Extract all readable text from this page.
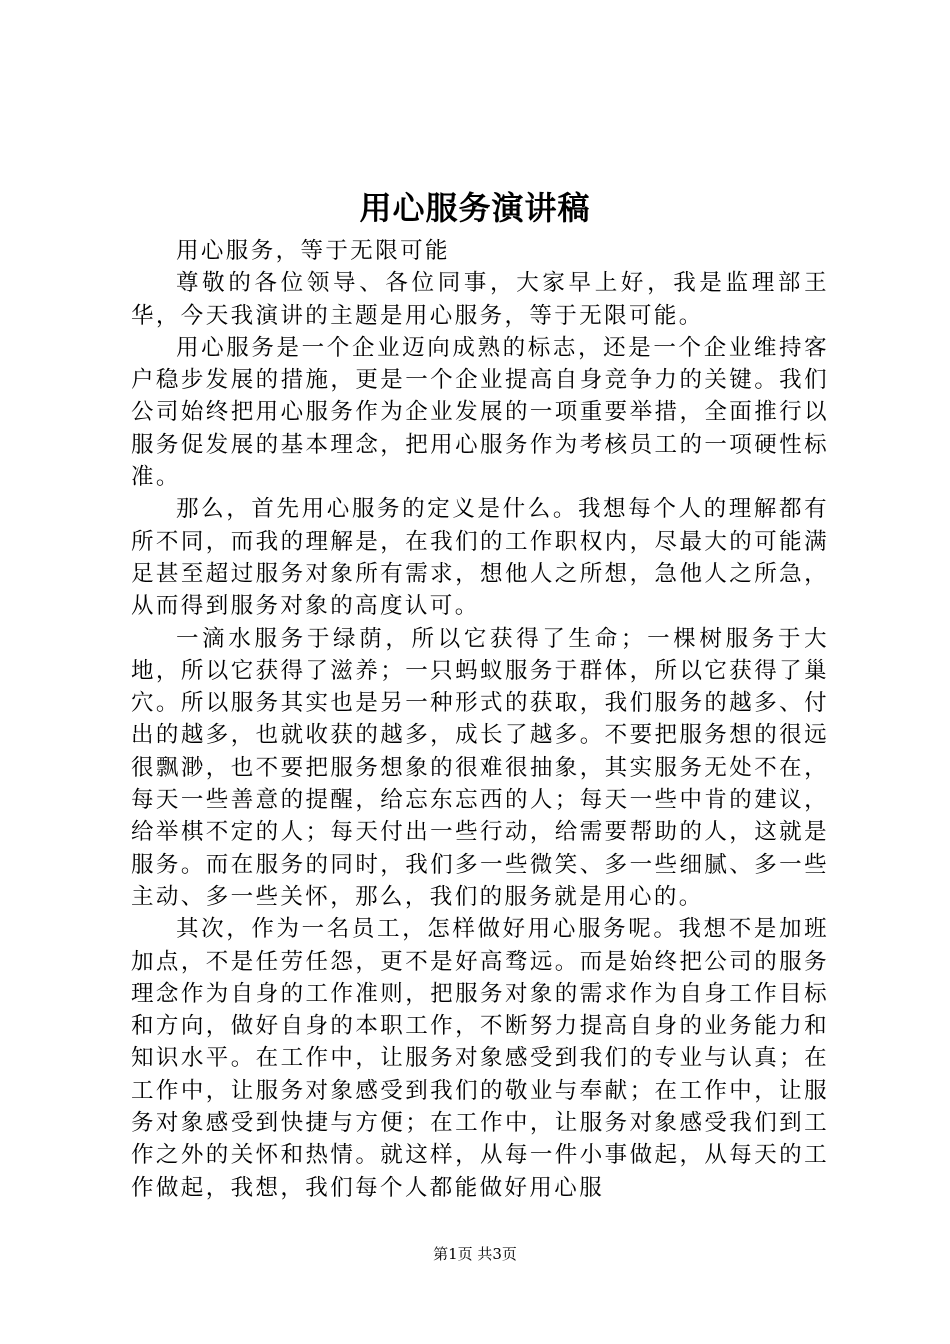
用心服务演讲稿

用心服务，等于无限可能

尊敬的各位领导、各位同事，大家早上好，我是监理部王华，今天我演讲的主题是用心服务，等于无限可能。

用心服务是一个企业迈向成熟的标志，还是一个企业维持客户稳步发展的措施，更是一个企业提高自身竞争力的关键。我们公司始终把用心服务作为企业发展的一项重要举措，全面推行以服务促发展的基本理念，把用心服务作为考核员工的一项硬性标准。

那么，首先用心服务的定义是什么。我想每个人的理解都有所不同，而我的理解是，在我们的工作职权内，尽最大的可能满足甚至超过服务对象所有需求，想他人之所想，急他人之所急，从而得到服务对象的高度认可。

一滴水服务于绿荫，所以它获得了生命；一棵树服务于大地，所以它获得了滋养；一只蚂蚁服务于群体，所以它获得了巢穴。所以服务其实也是另一种形式的获取，我们服务的越多、付出的越多，也就收获的越多，成长了越多。不要把服务想的很远很飘渺，也不要把服务想象的很难很抽象，其实服务无处不在，每天一些善意的提醒，给忘东忘西的人；每天一些中肯的建议，给举棋不定的人；每天付出一些行动，给需要帮助的人，这就是服务。而在服务的同时，我们多一些微笑、多一些细腻、多一些主动、多一些关怀，那么，我们的服务就是用心的。

其次，作为一名员工，怎样做好用心服务呢。我想不是加班加点，不是任劳任怨，更不是好高骛远。而是始终把公司的服务理念作为自身的工作准则，把服务对象的需求作为自身工作目标和方向，做好自身的本职工作，不断努力提高自身的业务能力和知识水平。在工作中，让服务对象感受到我们的专业与认真；在工作中，让服务对象感受到我们的敬业与奉献；在工作中，让服务对象感受到快捷与方便；在工作中，让服务对象感受我们到工作之外的关怀和热情。就这样，从每一件小事做起，从每天的工作做起，我想，我们每个人都能做好用心服

第1页 共3页
